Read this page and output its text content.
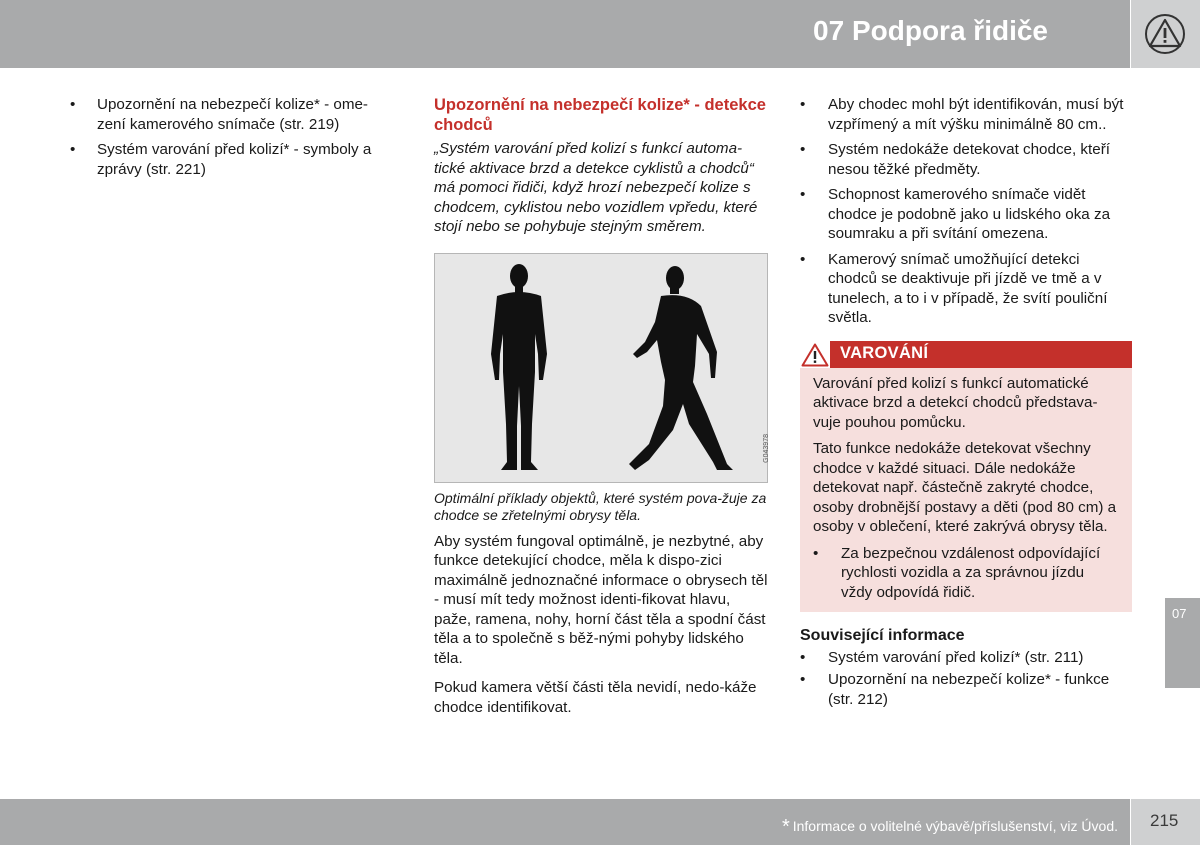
07 Podpora řidiče
• Upozornění na nebezpečí kolize* - ome-zení kamerového snímače (str. 219)
• Systém varování před kolizí* - symboly a zprávy (str. 221)
Upozornění na nebezpečí kolize* - detekce chodců

„Systém varování před kolizí s funkcí automa-tické aktivace brzd a detekce cyklistů a chodců“ má pomoci řidiči, když hrozí nebezpečí kolize s chodcem, cyklistou nebo vozidlem vpředu, které stojí nebo se pohybuje stejným směrem.

G043978
Optimální příklady objektů, které systém pova-žuje za chodce se zřetelnými obrysy těla.

Aby systém fungoval optimálně, je nezbytné, aby funkce detekující chodce, měla k dispo-zici maximálně jednoznačné informace o obrysech těl - musí mít tedy možnost identi-fikovat hlavu, paže, ramena, nohy, horní část těla a spodní část těla a to společně s běž-nými pohyby lidského těla.

Pokud kamera větší části těla nevidí, nedo-káže chodce identifikovat.

• Aby chodec mohl být identifikován, musí být vzpřímený a mít výšku minimálně 80 cm..
• Systém nedokáže detekovat chodce, kteří nesou těžké předměty.
• Schopnost kamerového snímače vidět chodce je podobně jako u lidského oka za soumraku a při svítání omezena.
• Kamerový snímač umožňující detekci chodců se deaktivuje při jízdě ve tmě a v tunelech, a to i v případě, že svítí pouliční světla.
VAROVÁNÍ

Varování před kolizí s funkcí automatické aktivace brzd a detekcí chodců představa-vuje pouhou pomůcku.

Tato funkce nedokáže detekovat všechny chodce v každé situaci. Dále nedokáže detekovat např. částečně zakryté chodce, osoby drobnější postavy a děti (pod 80 cm) a osoby v oblečení, které zakrývá obrysy těla.

• Za bezpečnou vzdálenost odpovídající rychlosti vozidla a za správnou jízdu vždy odpovídá řidič.
Související informace
• Systém varování před kolizí* (str. 211)
• Upozornění na nebezpečí kolize* - funkce (str. 212)
07
* Informace o volitelné výbavě/příslušenství, viz Úvod. 215
